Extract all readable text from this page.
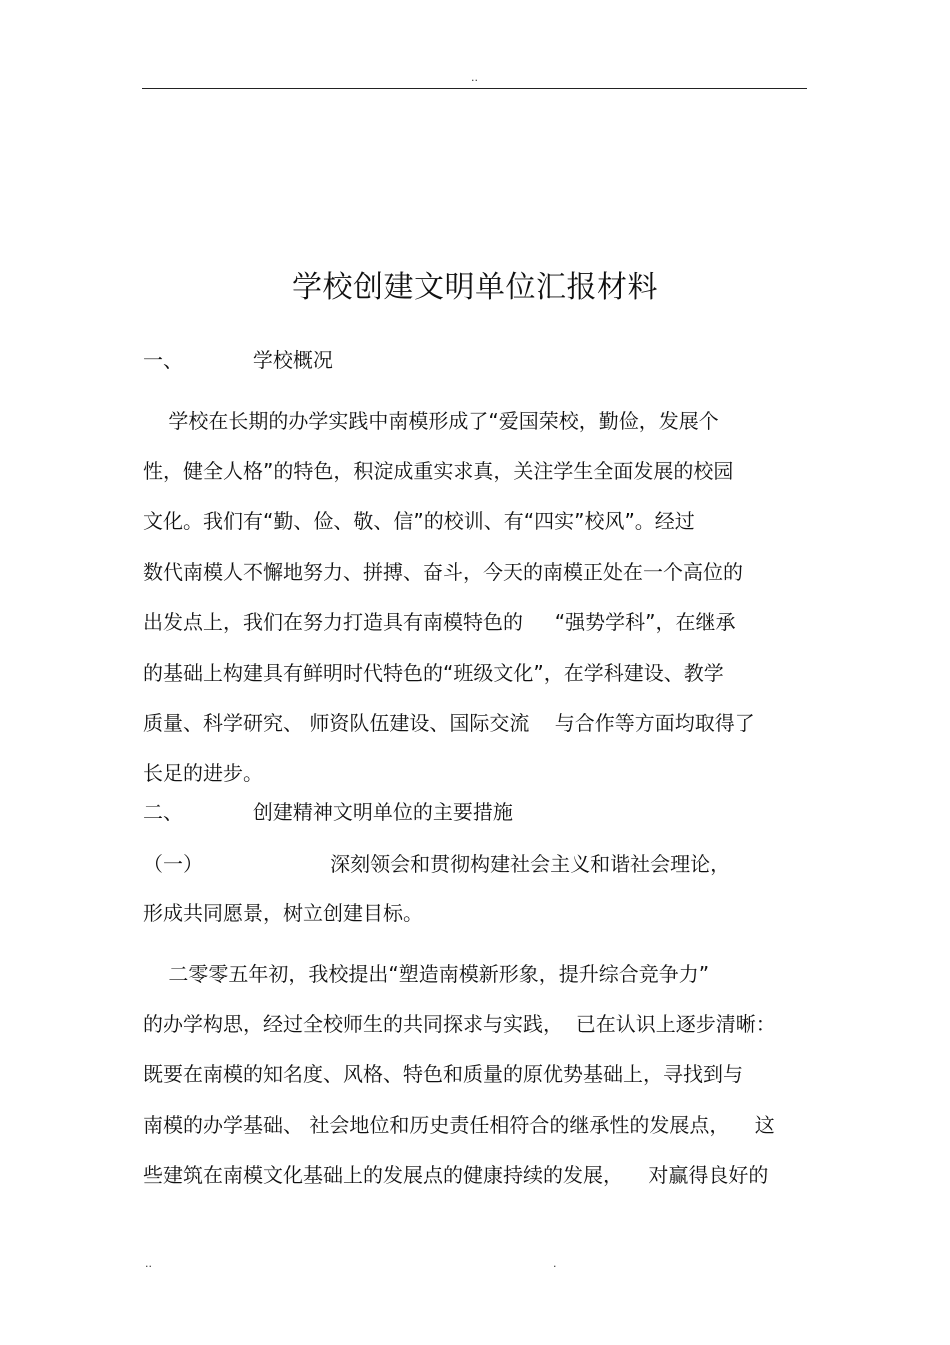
..
学校创建文明单位汇报材料
一、           学校概况
学校在长期的办学实践中南模形成了“爱国荣校，勤俭，发展个
性，健全人格”的特色，积淀成重实求真，关注学生全面发展的校园
文化。我们有“勤、俭、敬、信”的校训、有“四实”校风”。经过
数代南模人不懈地努力、拼搏、奋斗，今天的南模正处在一个高位的
出发点上，我们在努力打造具有南模特色的     “强势学科”，在继承
的基础上构建具有鲜明时代特色的“班级文化”，在学科建设、教学
质量、科学研究、 师资队伍建设、国际交流    与合作等方面均取得了
长足的进步。
二、           创建精神文明单位的主要措施
（一）                    深刻领会和贯彻构建社会主义和谐社会理论，
形成共同愿景，树立创建目标。
二零零五年初，我校提出“塑造南模新形象，提升综合竞争力”
的办学构思，经过全校师生的共同探求与实践，  已在认识上逐步清晰：
既要在南模的知名度、风格、特色和质量的原优势基础上，寻找到与
南模的办学基础、 社会地位和历史责任相符合的继承性的发展点，    这
些建筑在南模文化基础上的发展点的健康持续的发展，    对赢得良好的
..	.
